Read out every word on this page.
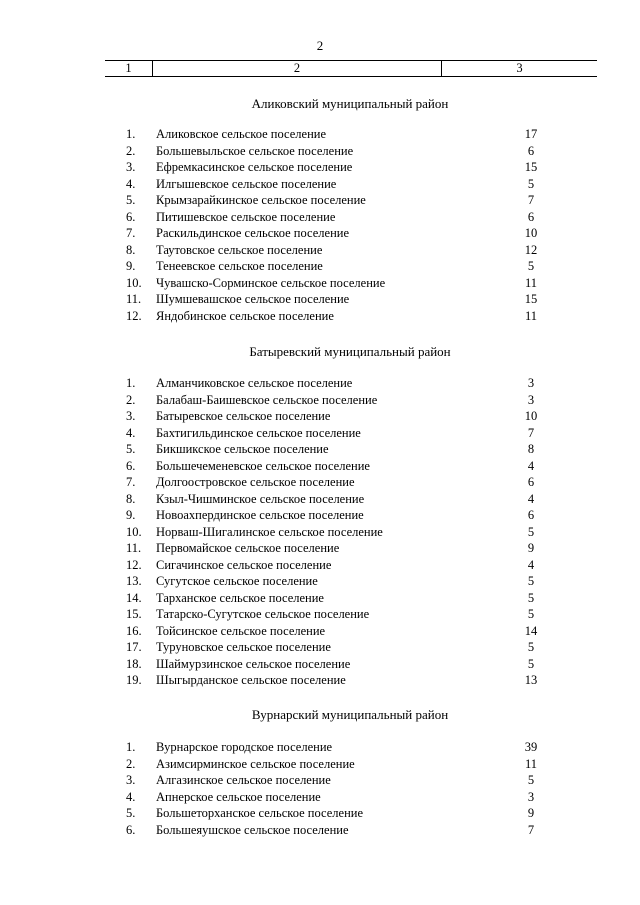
2
1	2	3
Аликовский муниципальный район
1. Аликовское сельское поселение	17
2. Большевыльское сельское поселение	6
3. Ефремкасинское сельское поселение	15
4. Илгышевское сельское поселение	5
5. Крымзарайкинское сельское поселение	7
6. Питишевское сельское поселение	6
7. Раскильдинское сельское поселение	10
8. Таутовское сельское поселение	12
9. Тенеевское сельское поселение	5
10. Чувашско-Сорминское сельское поселение	11
11. Шумшевашское сельское поселение	15
12. Яндобинское сельское поселение	11
Батыревский муниципальный район
1. Алманчиковское сельское поселение	3
2. Балабаш-Баишевское сельское поселение	3
3. Батыревское сельское поселение	10
4. Бахтигильдинское сельское поселение	7
5. Бикшикское сельское поселение	8
6. Большечеменевское сельское поселение	4
7. Долгоостровское сельское поселение	6
8. Кзыл-Чишминское сельское поселение	4
9. Новоахпердинское сельское поселение	6
10. Норваш-Шигалинское сельское поселение	5
11. Первомайское сельское поселение	9
12. Сигачинское сельское поселение	4
13. Сугутское сельское поселение	5
14. Тарханское сельское поселение	5
15. Татарско-Сугутское сельское поселение	5
16. Тойсинское сельское поселение	14
17. Туруновское сельское поселение	5
18. Шаймурзинское сельское поселение	5
19. Шыгырданское сельское поселение	13
Вурнарский муниципальный район
1. Вурнарское городское поселение	39
2. Азимсирминское сельское поселение	11
3. Алгазинское сельское поселение	5
4. Апнерское сельское поселение	3
5. Большеторханское сельское поселение	9
6. Большеяушское сельское поселение	7
